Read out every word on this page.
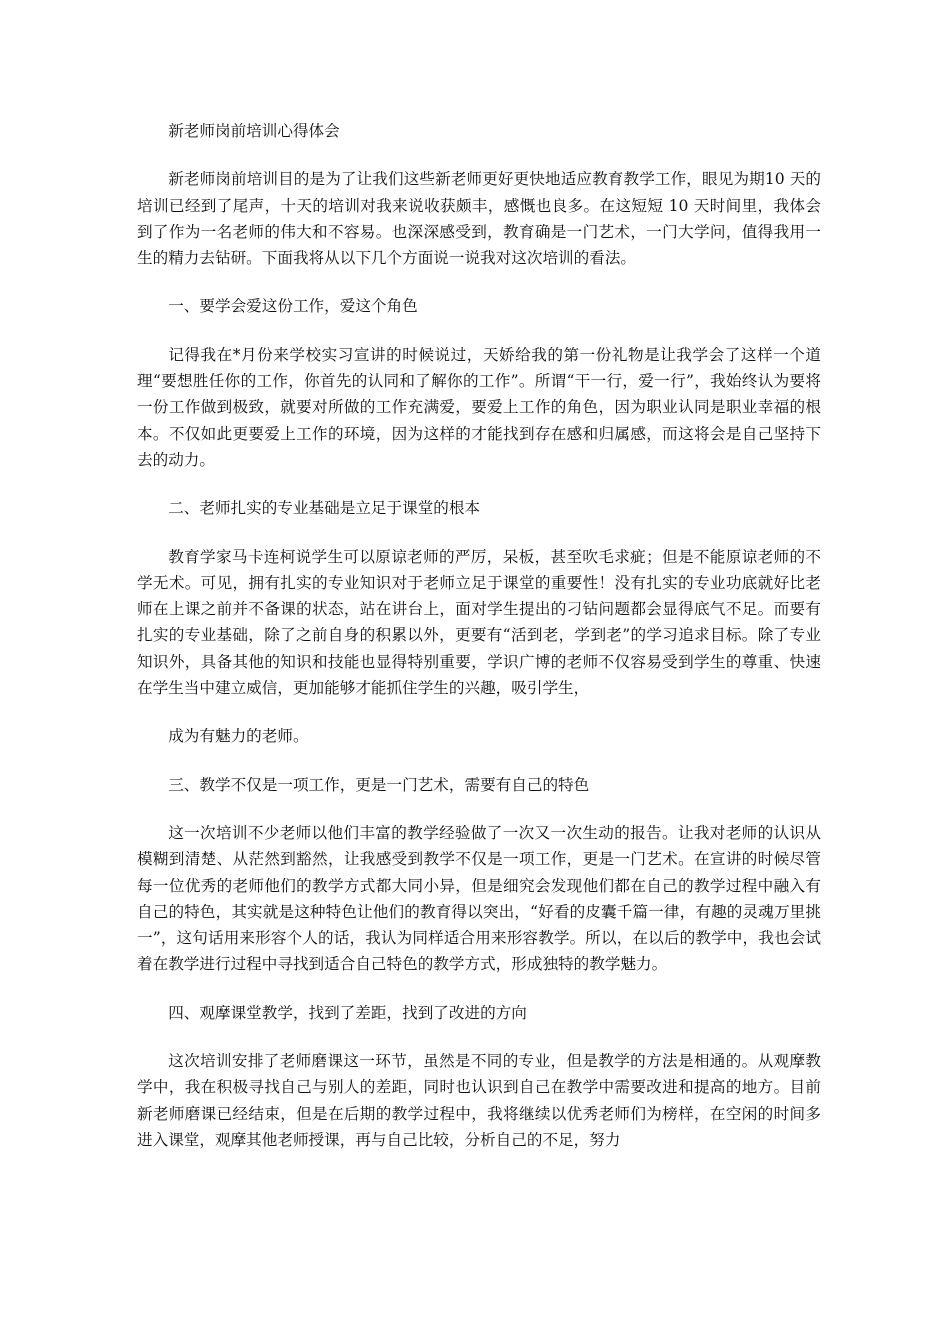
新老师岗前培训心得体会

新老师岗前培训目的是为了让我们这些新老师更好更快地适应教育教学工作，眼见为期10 天的培训已经到了尾声，十天的培训对我来说收获颇丰，感慨也良多。在这短短 10 天时间里，我体会到了作为一名老师的伟大和不容易。也深深感受到，教育确是一门艺术，一门大学问，值得我用一生的精力去钻研。下面我将从以下几个方面说一说我对这次培训的看法。

一、要学会爱这份工作，爱这个角色

记得我在*月份来学校实习宣讲的时候说过，天娇给我的第一份礼物是让我学会了这样一个道理“要想胜任你的工作，你首先的认同和了解你的工作”。所谓“干一行，爱一行”，我始终认为要将一份工作做到极致，就要对所做的工作充满爱，要爱上工作的角色，因为职业认同是职业幸福的根本。不仅如此更要爱上工作的环境，因为这样的才能找到存在感和归属感，而这将会是自己坚持下去的动力。

二、老师扎实的专业基础是立足于课堂的根本

教育学家马卡连柯说学生可以原谅老师的严厉，呆板，甚至吹毛求疵；但是不能原谅老师的不学无术。可见，拥有扎实的专业知识对于老师立足于课堂的重要性！没有扎实的专业功底就好比老师在上课之前并不备课的状态，站在讲台上，面对学生提出的刁钻问题都会显得底气不足。而要有扎实的专业基础，除了之前自身的积累以外，更要有“活到老，学到老”的学习追求目标。除了专业知识外，具备其他的知识和技能也显得特别重要，学识广博的老师不仅容易受到学生的尊重、快速在学生当中建立威信，更加能够才能抓住学生的兴趣，吸引学生，

成为有魅力的老师。

三、教学不仅是一项工作，更是一门艺术，需要有自己的特色

这一次培训不少老师以他们丰富的教学经验做了一次又一次生动的报告。让我对老师的认识从模糊到清楚、从茫然到豁然，让我感受到教学不仅是一项工作，更是一门艺术。在宣讲的时候尽管每一位优秀的老师他们的教学方式都大同小异，但是细究会发现他们都在自己的教学过程中融入有自己的特色，其实就是这种特色让他们的教育得以突出，“好看的皮囊千篇一律，有趣的灵魂万里挑一”，这句话用来形容个人的话，我认为同样适合用来形容教学。所以，在以后的教学中，我也会试着在教学进行过程中寻找到适合自己特色的教学方式，形成独特的教学魅力。

四、观摩课堂教学，找到了差距，找到了改进的方向

这次培训安排了老师磨课这一环节，虽然是不同的专业，但是教学的方法是相通的。从观摩教学中，我在积极寻找自己与别人的差距，同时也认识到自己在教学中需要改进和提高的地方。目前新老师磨课已经结束，但是在后期的教学过程中，我将继续以优秀老师们为榜样，在空闲的时间多进入课堂，观摩其他老师授课，再与自己比较，分析自己的不足，努力
